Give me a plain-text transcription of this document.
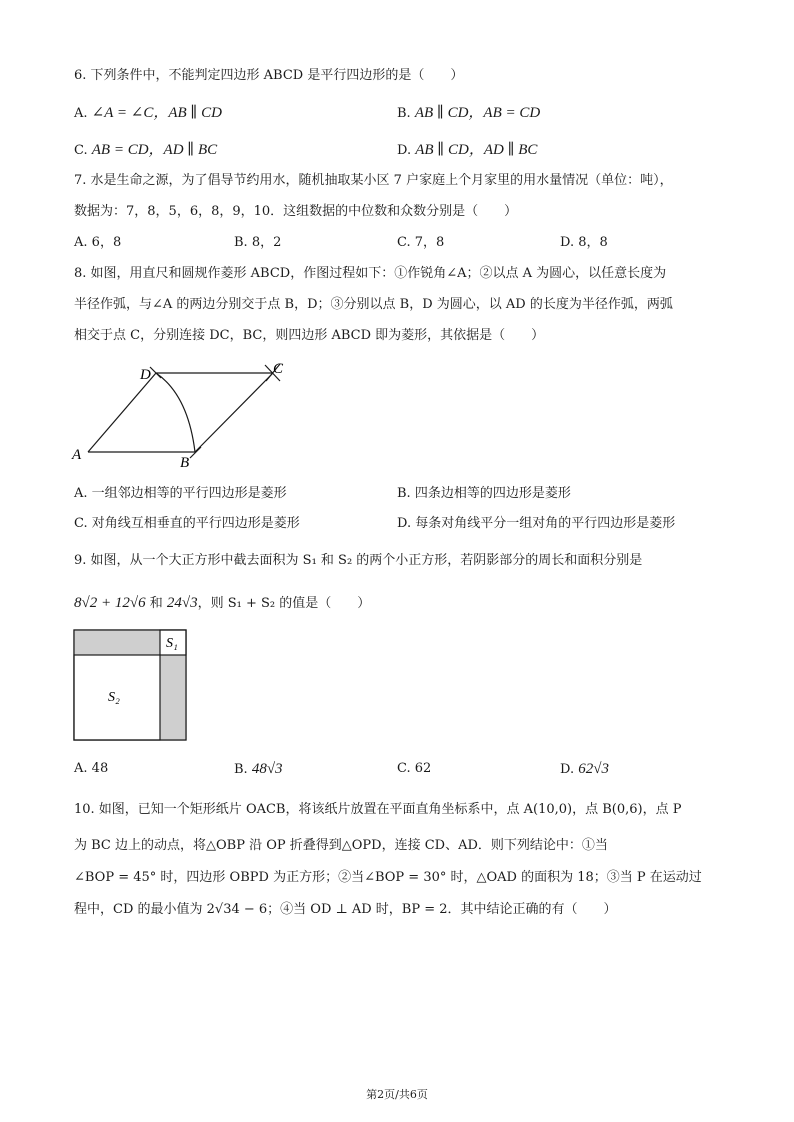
6. 下列条件中，不能判定四边形 ABCD 是平行四边形的是（　　）
A. ∠A = ∠C，AB ∥ CD	B. AB ∥ CD，AB = CD
C. AB = CD，AD ∥ BC	D. AB ∥ CD，AD ∥ BC
7. 水是生命之源，为了倡导节约用水，随机抽取某小区 7 户家庭上个月家里的用水量情况（单位：吨），
数据为：7，8，5，6，8，9，10．这组数据的中位数和众数分别是（　　）
A. 6，8	B. 8，2	C. 7，8	D. 8，8
8. 如图，用直尺和圆规作菱形 ABCD，作图过程如下：①作锐角∠A；②以点 A 为圆心，以任意长度为
半径作弧，与∠A 的两边分别交于点 B，D；③分别以点 B，D 为圆心，以 AD 的长度为半径作弧，两弧
相交于点 C，分别连接 DC，BC，则四边形 ABCD 即为菱形，其依据是（　　）
A	B
C
D
A. 一组邻边相等的平行四边形是菱形	B. 四条边相等的四边形是菱形
C. 对角线互相垂直的平行四边形是菱形	D. 每条对角线平分一组对角的平行四边形是菱形
9. 如图，从一个大正方形中截去面积为 S₁ 和 S₂ 的两个小正方形，若阴影部分的周长和面积分别是
8√2 + 12√6 和 24√3，则 S₁ + S₂ 的值是（　　）
S₁
S₂
A. 48	B. 48√3	C. 62	D. 62√3
10. 如图，已知一个矩形纸片 OACB，将该纸片放置在平面直角坐标系中，点 A(10,0)，点 B(0,6)，点 P
为 BC 边上的动点，将△OBP 沿 OP 折叠得到△OPD，连接 CD、AD．则下列结论中：①当
∠BOP = 45° 时，四边形 OBPD 为正方形；②当∠BOP = 30° 时，△OAD 的面积为 18；③当 P 在运动过
程中，CD 的最小值为 2√34 − 6；④当 OD ⊥ AD 时，BP = 2．其中结论正确的有（　　）
第2页/共6页
